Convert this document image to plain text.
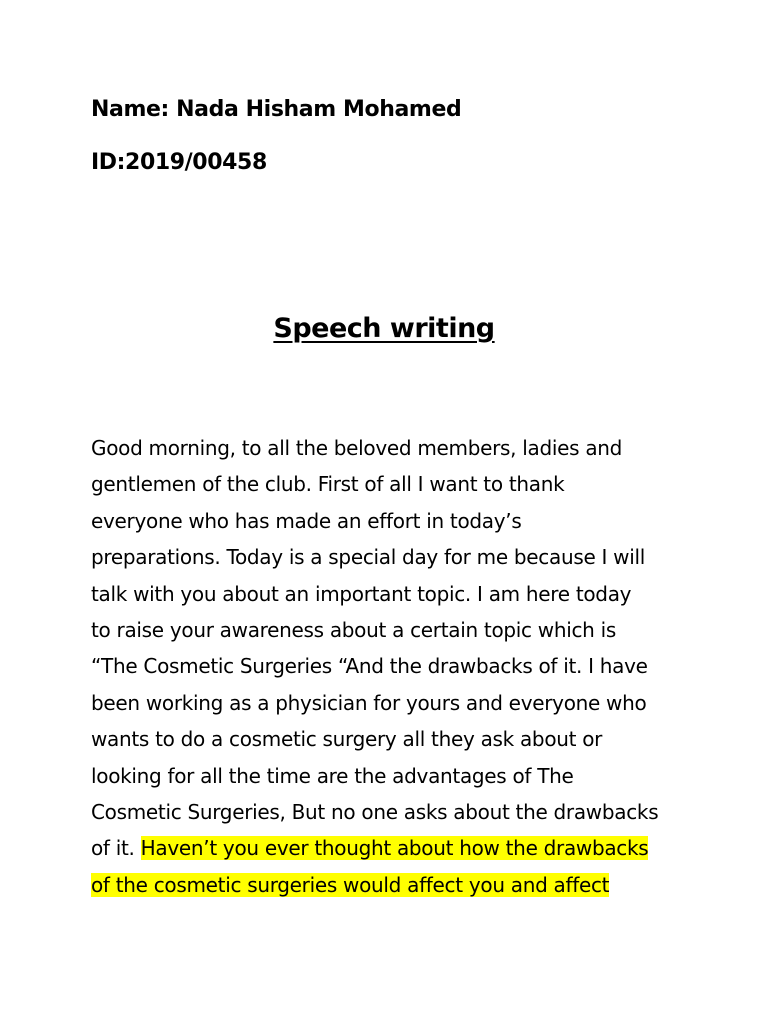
Name: Nada Hisham Mohamed
ID:2019/00458
Speech writing
Good morning, to all the beloved members, ladies and
gentlemen of the club. First of all I want to thank
everyone who has made an effort in today’s
preparations. Today is a special day for me because I will
talk with you about an important topic. I am here today
to raise your awareness about a certain topic which is
“The Cosmetic Surgeries “And the drawbacks of it. I have
been working as a physician for yours and everyone who
wants to do a cosmetic surgery all they ask about or
looking for all the time are the advantages of The
Cosmetic Surgeries, But no one asks about the drawbacks
of it. Haven’t you ever thought about how the drawbacks
of the cosmetic surgeries would affect you and affect
